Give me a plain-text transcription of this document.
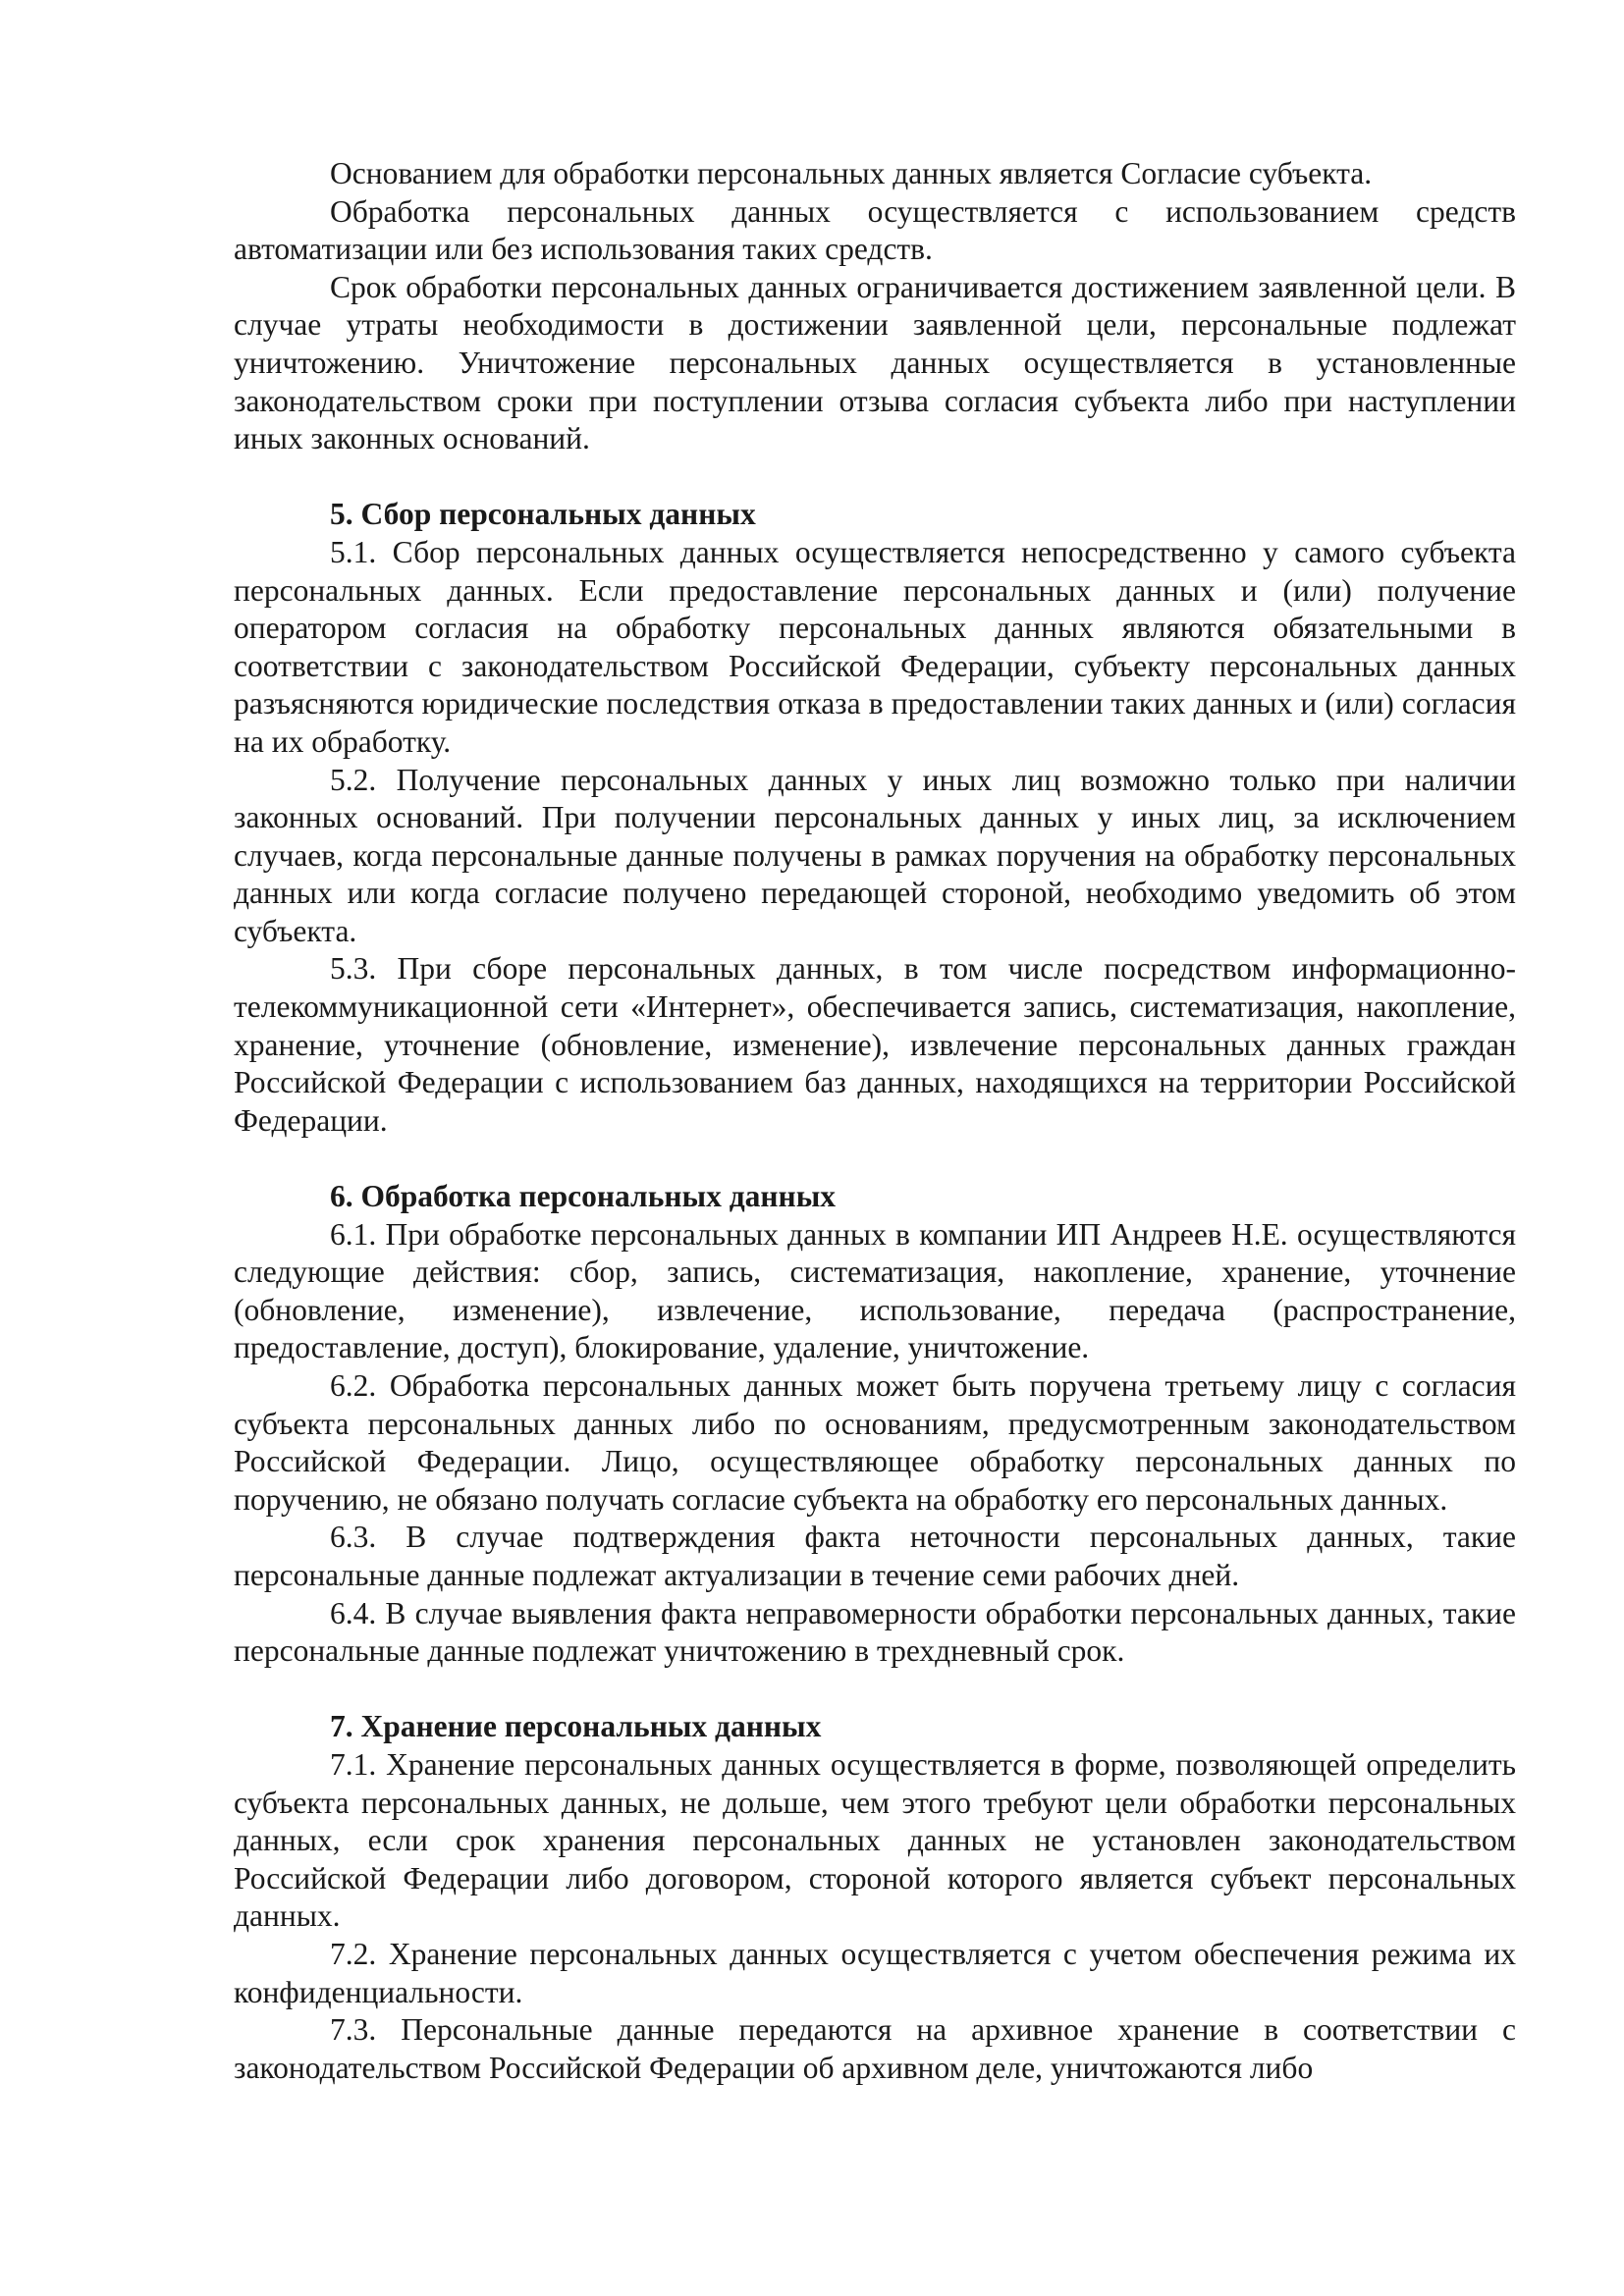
Основанием для обработки персональных данных является Согласие субъекта.

Обработка персональных данных осуществляется с использованием средств автоматизации или без использования таких средств.

Срок обработки персональных данных ограничивается достижением заявленной цели. В случае утраты необходимости в достижении заявленной цели, персональные подлежат уничтожению. Уничтожение персональных данных осуществляется в установленные законодательством сроки при поступлении отзыва согласия субъекта либо при наступлении иных законных оснований.

5. Сбор персональных данных

5.1. Сбор персональных данных осуществляется непосредственно у самого субъекта персональных данных. Если предоставление персональных данных и (или) получение оператором согласия на обработку персональных данных являются обязательными в соответствии с законодательством Российской Федерации, субъекту персональных данных разъясняются юридические последствия отказа в предоставлении таких данных и (или) согласия на их обработку.

5.2. Получение персональных данных у иных лиц возможно только при наличии законных оснований. При получении персональных данных у иных лиц, за исключением случаев, когда персональные данные получены в рамках поручения на обработку персональных данных или когда согласие получено передающей стороной, необходимо уведомить об этом субъекта.

5.3. При сборе персональных данных, в том числе посредством информационно-телекоммуникационной сети «Интернет», обеспечивается запись, систематизация, накопление, хранение, уточнение (обновление, изменение), извлечение персональных данных граждан Российской Федерации с использованием баз данных, находящихся на территории Российской Федерации.

6. Обработка персональных данных

6.1. При обработке персональных данных в компании ИП Андреев Н.Е. осуществляются следующие действия: сбор, запись, систематизация, накопление, хранение, уточнение (обновление, изменение), извлечение, использование, передача (распространение, предоставление, доступ), блокирование, удаление, уничтожение.

6.2. Обработка персональных данных может быть поручена третьему лицу с согласия субъекта персональных данных либо по основаниям, предусмотренным законодательством Российской Федерации. Лицо, осуществляющее обработку персональных данных по поручению, не обязано получать согласие субъекта на обработку его персональных данных.

6.3. В случае подтверждения факта неточности персональных данных, такие персональные данные подлежат актуализации в течение семи рабочих дней.

6.4. В случае выявления факта неправомерности обработки персональных данных, такие персональные данные подлежат уничтожению в трехдневный срок.

7. Хранение персональных данных

7.1. Хранение персональных данных осуществляется в форме, позволяющей определить субъекта персональных данных, не дольше, чем этого требуют цели обработки персональных данных, если срок хранения персональных данных не установлен законодательством Российской Федерации либо договором, стороной которого является субъект персональных данных.

7.2. Хранение персональных данных осуществляется с учетом обеспечения режима их конфиденциальности.

7.3. Персональные данные передаются на архивное хранение в соответствии с законодательством Российской Федерации об архивном деле, уничтожаются либо
